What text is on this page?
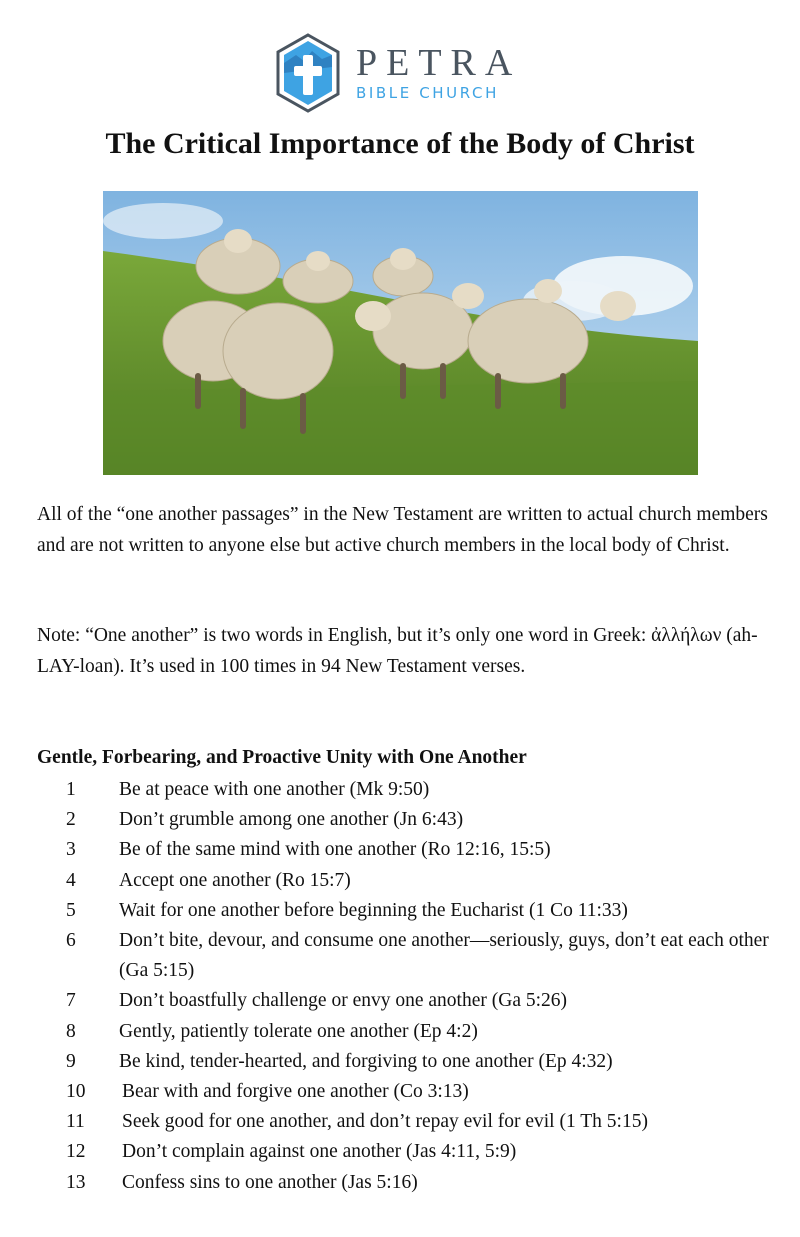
PETRA
BIBLE CHURCH
The Critical Importance of the Body of Christ

All of the “one another passages” in the New Testament are written to actual church members and are not written to anyone else but active church members in the local body of Christ.

Note: “One another” is two words in English, but it’s only one word in Greek: ἀλλήλων (ah-LAY-loan). It’s used in 100 times in 94 New Testament verses.

Gentle, Forbearing, and Proactive Unity with One Another
1	Be at peace with one another (Mk 9:50)
2	Don’t grumble among one another (Jn 6:43)
3	Be of the same mind with one another (Ro 12:16, 15:5)
4	Accept one another (Ro 15:7)
5	Wait for one another before beginning the Eucharist (1 Co 11:33)
6	Don’t bite, devour, and consume one another—seriously, guys, don’t eat each other (Ga 5:15)
7	Don’t boastfully challenge or envy one another (Ga 5:26)
8	Gently, patiently tolerate one another (Ep 4:2)
9	Be kind, tender-hearted, and forgiving to one another (Ep 4:32)
10	Bear with and forgive one another (Co 3:13)
11	Seek good for one another, and don’t repay evil for evil (1 Th 5:15)
12	Don’t complain against one another (Jas 4:11, 5:9)
13	Confess sins to one another (Jas 5:16)
